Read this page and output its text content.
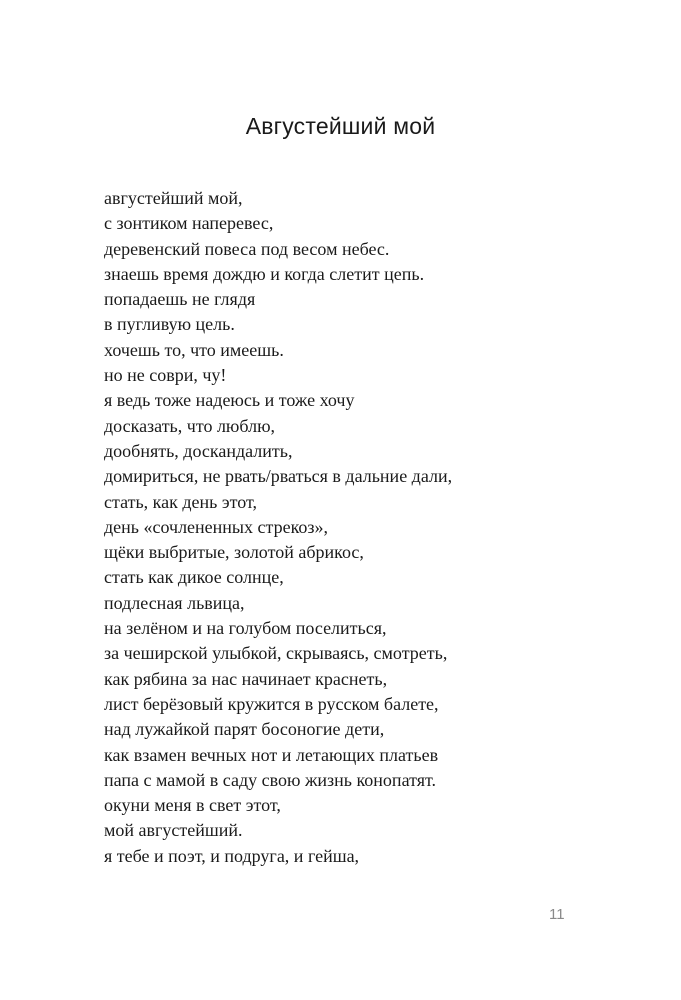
Августейший мой
августейший мой,
с зонтиком наперевес,
деревенский повеса под весом небес.
знаешь время дождю и когда слетит цепь.
попадаешь не глядя
в пугливую цель.
хочешь то, что имеешь.
но не соври, чу!
я ведь тоже надеюсь и тоже хочу
досказать, что люблю,
дообнять, доскандалить,
домириться, не рвать/рваться в дальние дали,
стать, как день этот,
день «сочлененных стрекоз»,
щёки выбритые, золотой абрикос,
стать как дикое солнце,
подлесная львица,
на зелёном и на голубом поселиться,
за чеширской улыбкой, скрываясь, смотреть,
как рябина за нас начинает краснеть,
лист берёзовый кружится в русском балете,
над лужайкой парят босоногие дети,
как взамен вечных нот и летающих платьев
папа с мамой в саду свою жизнь конопатят.
окуни меня в свет этот,
мой августейший.
я тебе и поэт, и подруга, и гейша,
11
